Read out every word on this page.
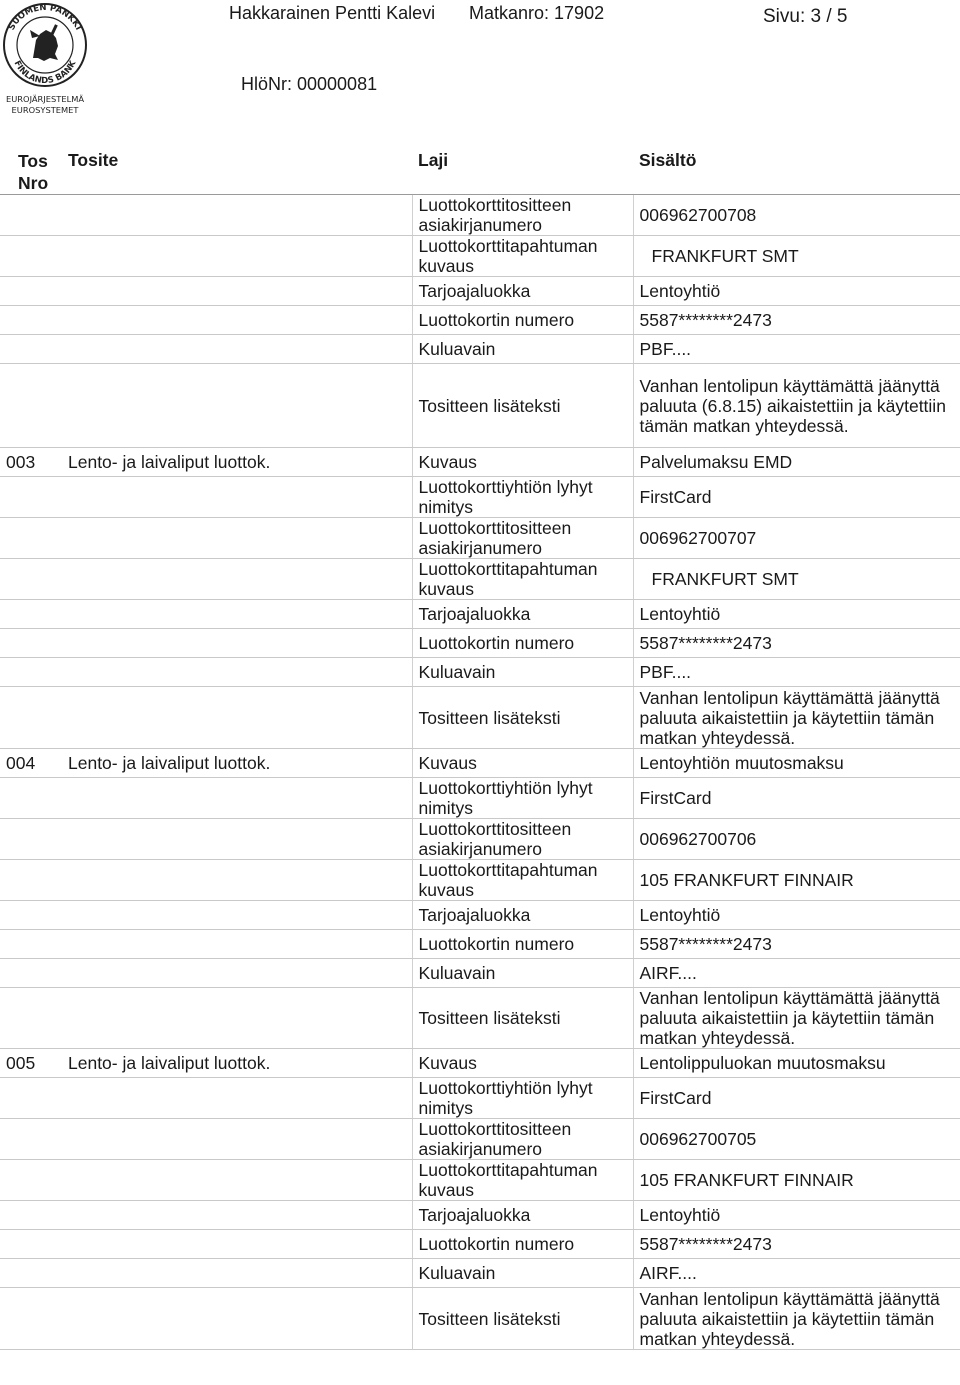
SUOMEN PANKKI
FINLANDS BANK
EUROJÄRJESTELMÄ
EUROSYSTEMET
Hakkarainen Pentti Kalevi Matkanro: 17902	Sivu: 3 / 5
HlöNr: 00000081
Tos
Nro	Tosite	Laji	Sisältö
		Luottokorttitositteen asiakirjanumero	006962700708
		Luottokorttitapahtuman kuvaus	FRANKFURT SMT
		Tarjoajaluokka	Lentoyhtiö
		Luottokortin numero	5587********2473
		Kuluavain	PBF....
		Tositteen lisäteksti	Vanhan lentolipun käyttämättä jäänyttä paluuta (6.8.15) aikaistettiin ja käytettiin tämän matkan yhteydessä.
003	Lento- ja laivaliput luottok.	Kuvaus	Palvelumaksu EMD
		Luottokorttiyhtiön lyhyt nimitys	FirstCard
		Luottokorttitositteen asiakirjanumero	006962700707
		Luottokorttitapahtuman kuvaus	FRANKFURT SMT
		Tarjoajaluokka	Lentoyhtiö
		Luottokortin numero	5587********2473
		Kuluavain	PBF....
		Tositteen lisäteksti	Vanhan lentolipun käyttämättä jäänyttä paluuta aikaistettiin ja käytettiin tämän matkan yhteydessä.
004	Lento- ja laivaliput luottok.	Kuvaus	Lentoyhtiön muutosmaksu
		Luottokorttiyhtiön lyhyt nimitys	FirstCard
		Luottokorttitositteen asiakirjanumero	006962700706
		Luottokorttitapahtuman kuvaus	105 FRANKFURT FINNAIR
		Tarjoajaluokka	Lentoyhtiö
		Luottokortin numero	5587********2473
		Kuluavain	AIRF....
		Tositteen lisäteksti	Vanhan lentolipun käyttämättä jäänyttä paluuta aikaistettiin ja käytettiin tämän matkan yhteydessä.
005	Lento- ja laivaliput luottok.	Kuvaus	Lentolippuluokan muutosmaksu
		Luottokorttiyhtiön lyhyt nimitys	FirstCard
		Luottokorttitositteen asiakirjanumero	006962700705
		Luottokorttitapahtuman kuvaus	105 FRANKFURT FINNAIR
		Tarjoajaluokka	Lentoyhtiö
		Luottokortin numero	5587********2473
		Kuluavain	AIRF....
		Tositteen lisäteksti	Vanhan lentolipun käyttämättä jäänyttä paluuta aikaistettiin ja käytettiin tämän matkan yhteydessä.
